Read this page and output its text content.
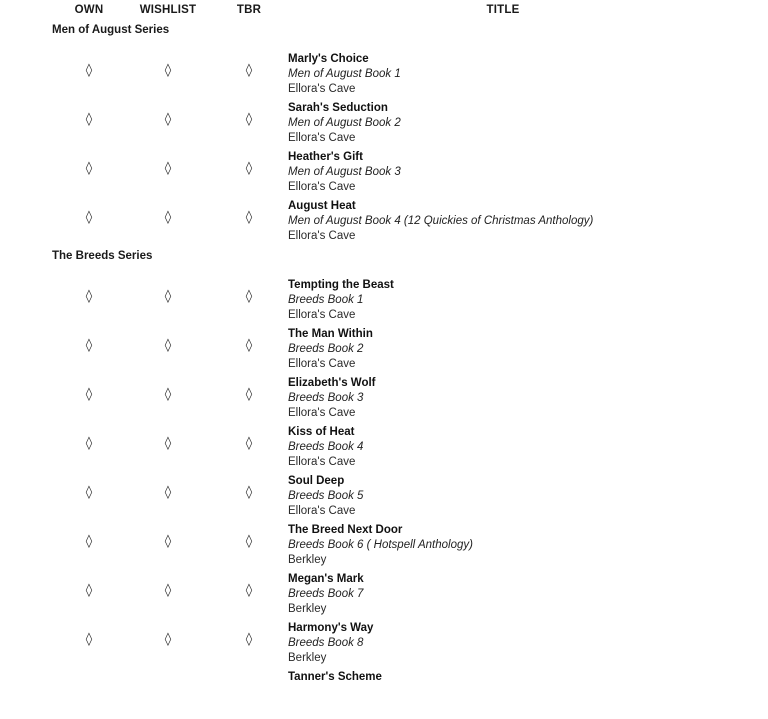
OWN	WISHLIST	TBR	TITLE
Men of August Series
◊	◊	◊
Marly's Choice
Men of August Book 1
Ellora's Cave
◊	◊	◊
Sarah's Seduction
Men of August Book 2
Ellora's Cave
◊	◊	◊
Heather's Gift
Men of August Book 3
Ellora's Cave
◊	◊	◊
August Heat
Men of August Book 4 (12 Quickies of Christmas Anthology)
Ellora's Cave
The Breeds Series
◊	◊	◊
Tempting the Beast
Breeds Book 1
Ellora's Cave
◊	◊	◊
The Man Within
Breeds Book 2
Ellora's Cave
◊	◊	◊
Elizabeth's Wolf
Breeds Book 3
Ellora's Cave
◊	◊	◊
Kiss of Heat
Breeds Book 4
Ellora's Cave
◊	◊	◊
Soul Deep
Breeds Book 5
Ellora's Cave
◊	◊	◊
The Breed Next Door
Breeds Book 6 ( Hotspell Anthology)
Berkley
◊	◊	◊
Megan's Mark
Breeds Book 7
Berkley
◊	◊	◊
Harmony's Way
Breeds Book 8
Berkley
Tanner's Scheme
